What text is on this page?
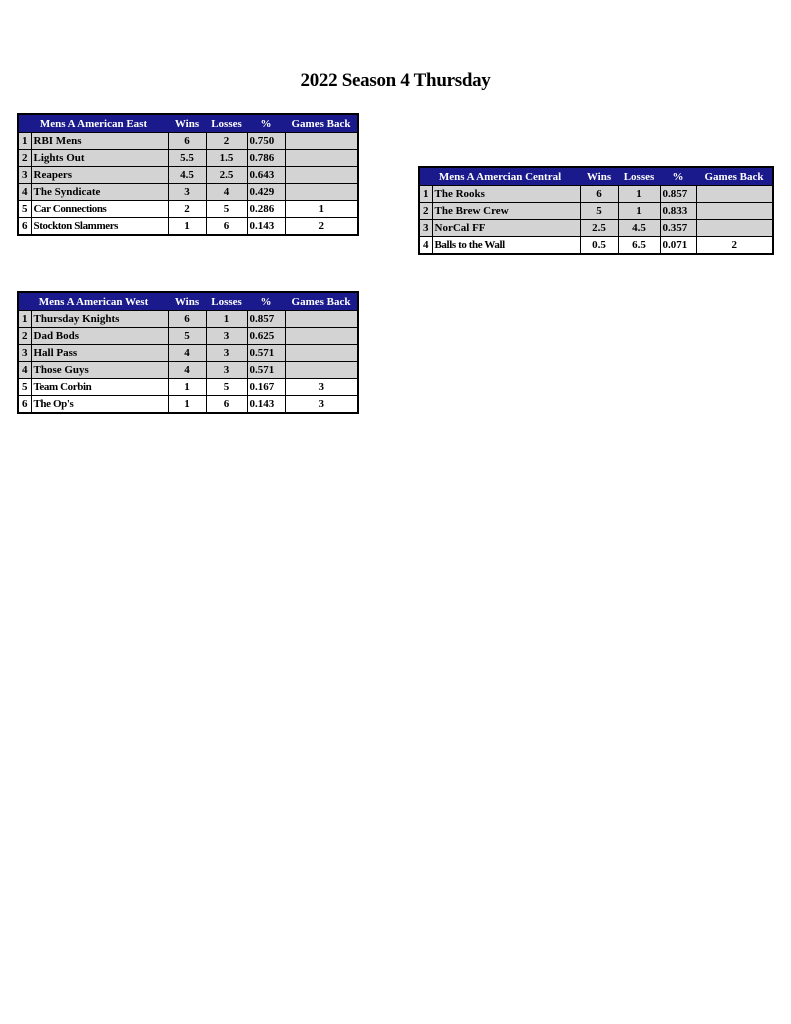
2022 Season 4 Thursday
Mens A American East		Wins	Losses	%	Games Back
1	RBI Mens	6	2	0.750	
2	Lights Out	5.5	1.5	0.786	
3	Reapers	4.5	2.5	0.643	
4	The Syndicate	3	4	0.429	
5	Car Connections	2	5	0.286	1
6	Stockton Slammers	1	6	0.143	2
Mens A Amercian Central		Wins	Losses	%	Games Back
1	The Rooks	6	1	0.857	
2	The Brew Crew	5	1	0.833	
3	NorCal FF	2.5	4.5	0.357	
4	Balls to the Wall	0.5	6.5	0.071	2
Mens A American West		Wins	Losses	%	Games Back
1	Thursday Knights	6	1	0.857	
2	Dad Bods	5	3	0.625	
3	Hall Pass	4	3	0.571	
4	Those Guys	4	3	0.571	
5	Team Corbin	1	5	0.167	3
6	The Op's	1	6	0.143	3
